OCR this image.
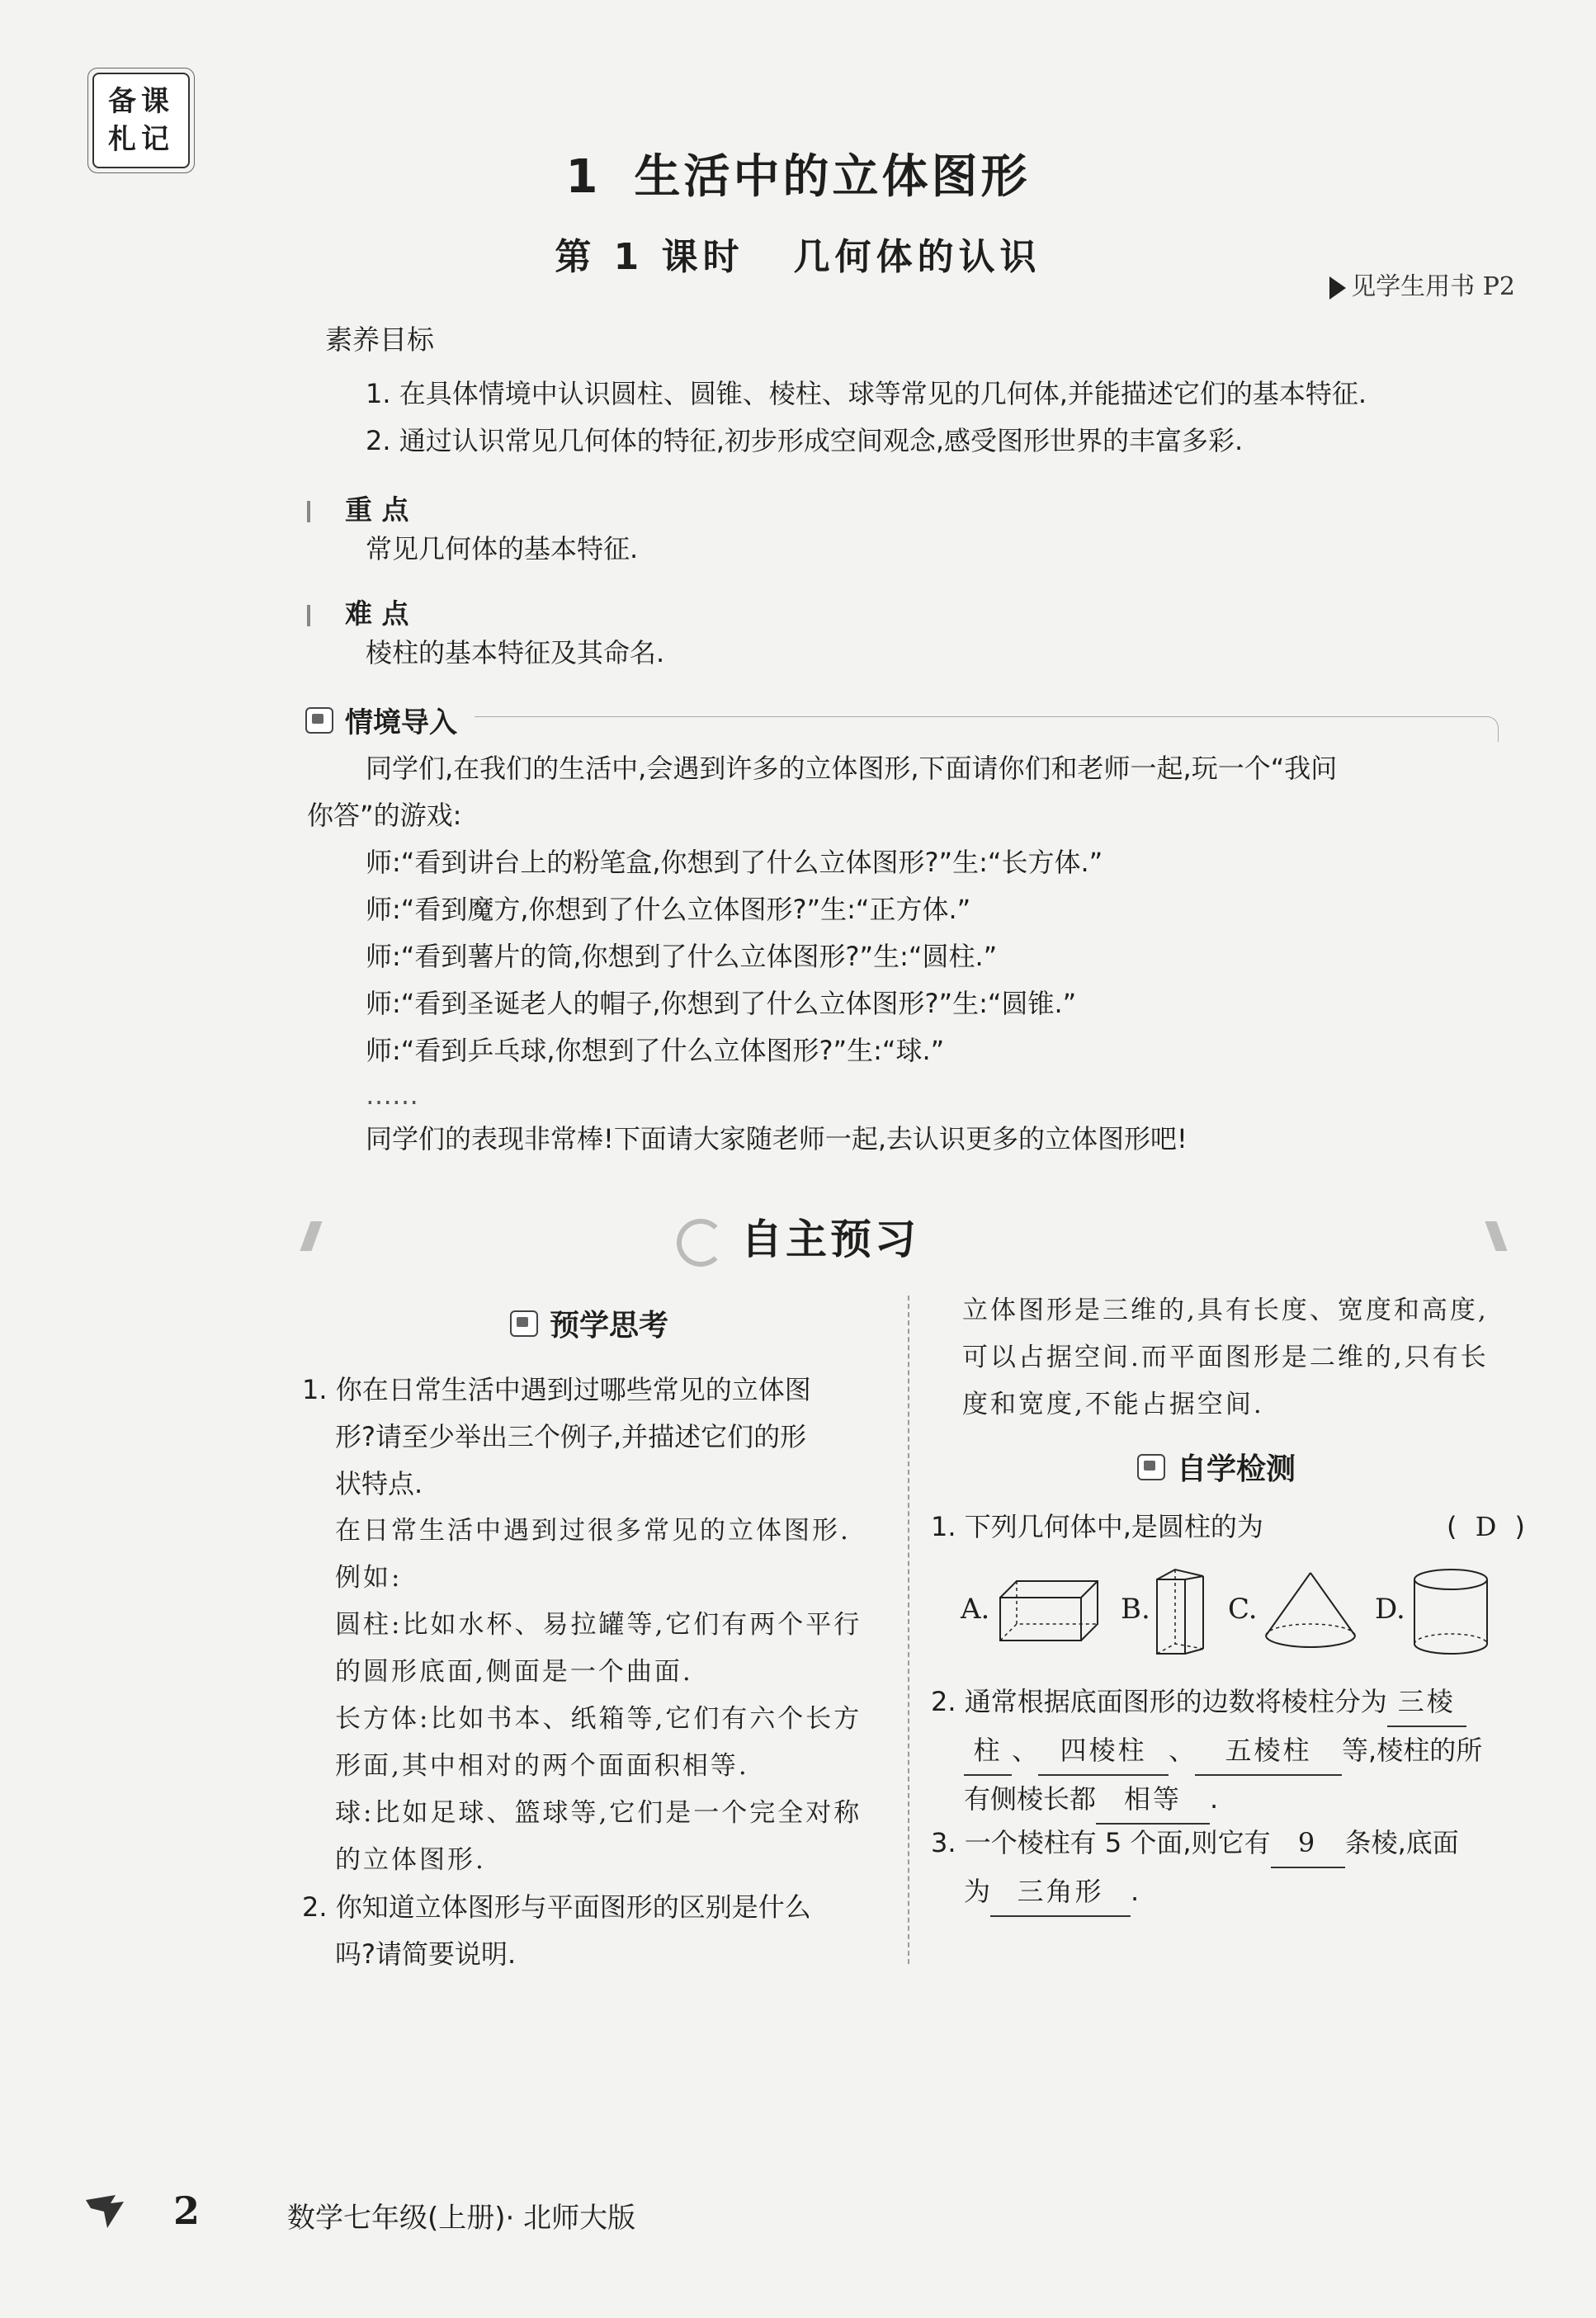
备课
札记
1 生活中的立体图形
第 1 课时 几何体的认识
见学生用书 P2
素养目标
1. 在具体情境中认识圆柱、圆锥、棱柱、球等常见的几何体,并能描述它们的基本特征.
2. 通过认识常见几何体的特征,初步形成空间观念,感受图形世界的丰富多彩.
重 点
常见几何体的基本特征.
难 点
棱柱的基本特征及其命名.
情境导入
同学们,在我们的生活中,会遇到许多的立体图形,下面请你们和老师一起,玩一个“我问
你答”的游戏:
师:“看到讲台上的粉笔盒,你想到了什么立体图形?”生:“长方体.”
师:“看到魔方,你想到了什么立体图形?”生:“正方体.”
师:“看到薯片的筒,你想到了什么立体图形?”生:“圆柱.”
师:“看到圣诞老人的帽子,你想到了什么立体图形?”生:“圆锥.”
师:“看到乒乓球,你想到了什么立体图形?”生:“球.”
……
同学们的表现非常棒!下面请大家随老师一起,去认识更多的立体图形吧!
自主预习
预学思考
1. 你在日常生活中遇到过哪些常见的立体图
形?请至少举出三个例子,并描述它们的形
状特点.
在日常生活中遇到过很多常见的立体图形.
例如:
圆柱:比如水杯、易拉罐等,它们有两个平行
的圆形底面,侧面是一个曲面.
长方体:比如书本、纸箱等,它们有六个长方
形面,其中相对的两个面面积相等.
球:比如足球、篮球等,它们是一个完全对称
的立体图形.
2. 你知道立体图形与平面图形的区别是什么
吗?请简要说明.
立体图形是三维的,具有长度、宽度和高度,
可以占据空间.而平面图形是二维的,只有长
度和宽度,不能占据空间.
自学检测
1. 下列几何体中,是圆柱的为	( D )
A.	B.	C.	D.
2. 通常根据底面图形的边数将棱柱分为 三棱
柱 、 四棱柱 、 五棱柱 等,棱柱的所
有侧棱长都 相等 .
3. 一个棱柱有 5 个面,则它有 9 条棱,底面
为 三角形 .
2	数学七年级(上册)· 北师大版
